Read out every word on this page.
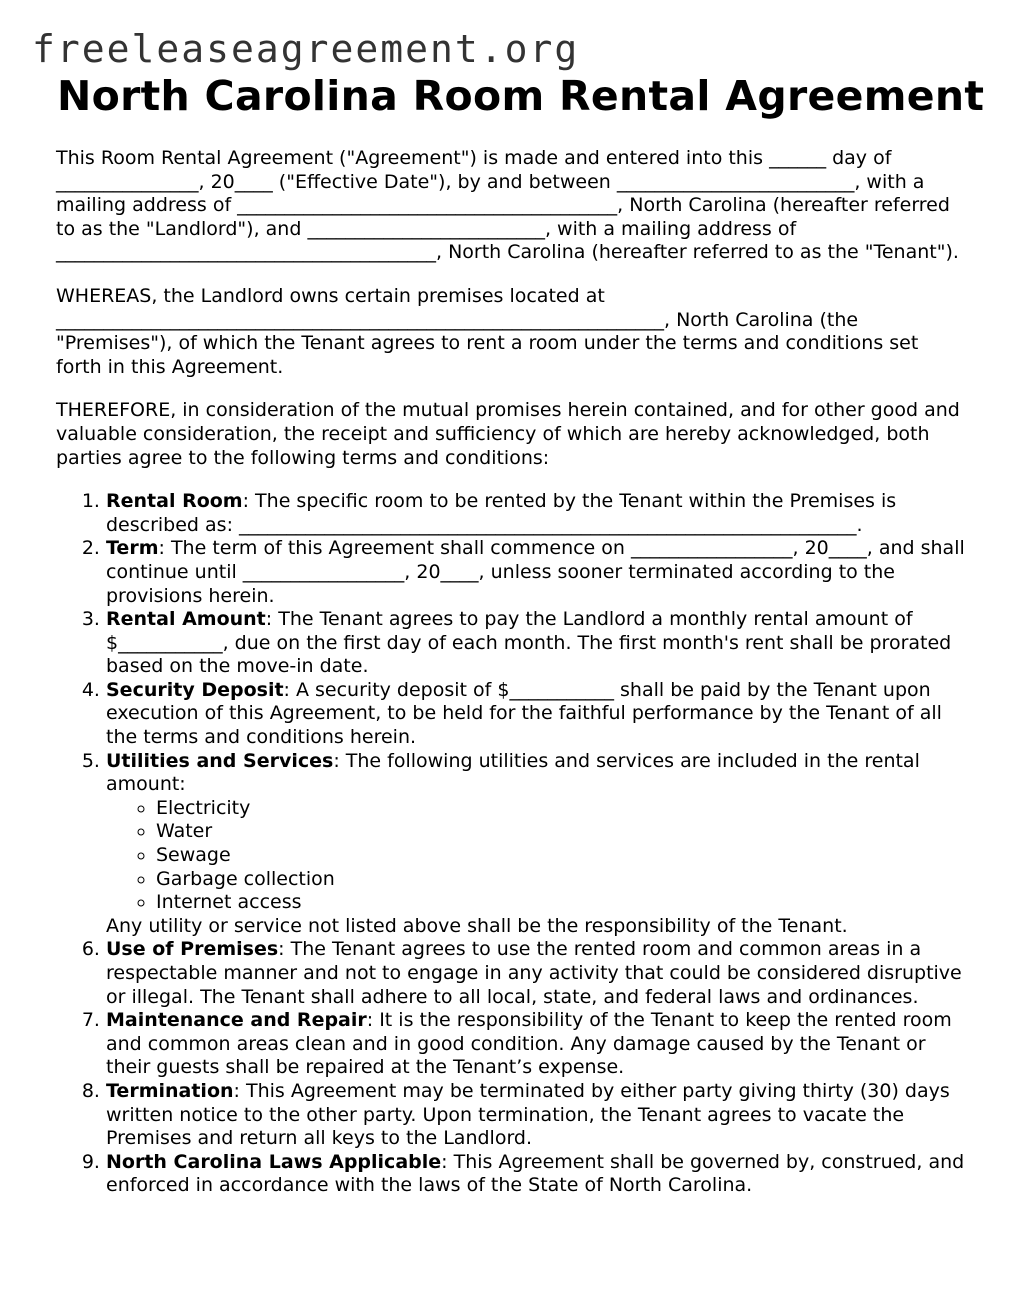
freeleaseagreement.org
North Carolina Room Rental Agreement

This Room Rental Agreement ("Agreement") is made and entered into this ______ day of _______________, 20____ ("Effective Date"), by and between _________________________, with a mailing address of ________________________________________, North Carolina (hereafter referred to as the "Landlord"), and _________________________, with a mailing address of ________________________________________, North Carolina (hereafter referred to as the "Tenant").

WHEREAS, the Landlord owns certain premises located at ________________________________________________________________, North Carolina (the "Premises"), of which the Tenant agrees to rent a room under the terms and conditions set forth in this Agreement.

THEREFORE, in consideration of the mutual promises herein contained, and for other good and valuable consideration, the receipt and sufficiency of which are hereby acknowledged, both parties agree to the following terms and conditions:

1. Rental Room: The specific room to be rented by the Tenant within the Premises is described as: _________________________________________________________________.
2. Term: The term of this Agreement shall commence on _________________, 20____, and shall continue until _________________, 20____, unless sooner terminated according to the provisions herein.
3. Rental Amount: The Tenant agrees to pay the Landlord a monthly rental amount of $___________, due on the first day of each month. The first month's rent shall be prorated based on the move-in date.
4. Security Deposit: A security deposit of $___________ shall be paid by the Tenant upon execution of this Agreement, to be held for the faithful performance by the Tenant of all the terms and conditions herein.
5. Utilities and Services: The following utilities and services are included in the rental amount:
◦ Electricity
◦ Water
◦ Sewage
◦ Garbage collection
◦ Internet access
Any utility or service not listed above shall be the responsibility of the Tenant.
6. Use of Premises: The Tenant agrees to use the rented room and common areas in a respectable manner and not to engage in any activity that could be considered disruptive or illegal. The Tenant shall adhere to all local, state, and federal laws and ordinances.
7. Maintenance and Repair: It is the responsibility of the Tenant to keep the rented room and common areas clean and in good condition. Any damage caused by the Tenant or their guests shall be repaired at the Tenant’s expense.
8. Termination: This Agreement may be terminated by either party giving thirty (30) days written notice to the other party. Upon termination, the Tenant agrees to vacate the Premises and return all keys to the Landlord.
9. North Carolina Laws Applicable: This Agreement shall be governed by, construed, and enforced in accordance with the laws of the State of North Carolina.
